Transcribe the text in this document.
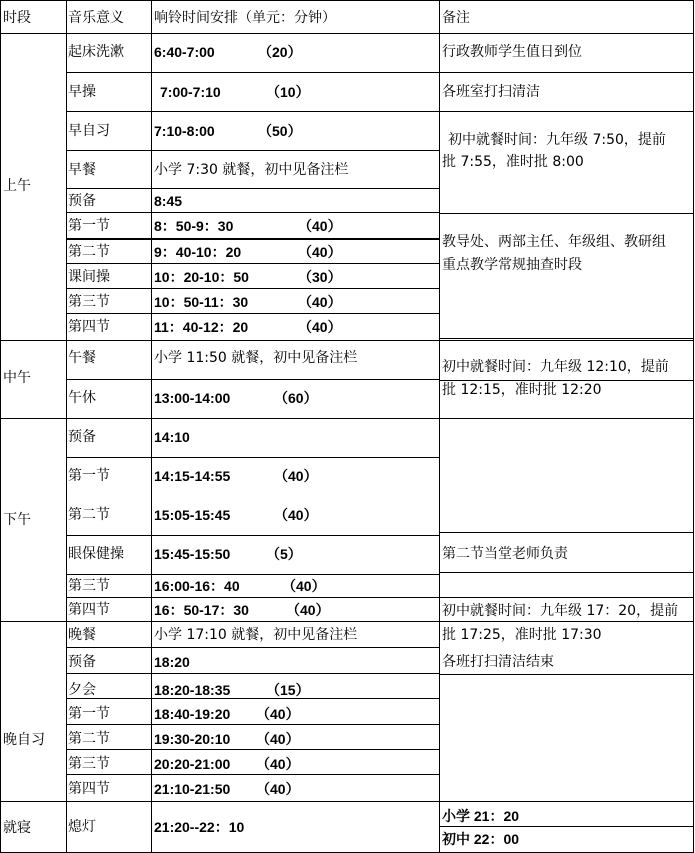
时段	音乐意义 响铃时间安排（单元：分钟）	备注
上午
中午
下午
晚自习
就寝
起床洗漱
早操
早自习
早餐
预备
第一节
第二节
课间操
第三节
第四节
午餐
午休
预备
第一节
第二节
眼保健操
第三节
第四节
晚餐
预备
夕会
第一节
第二节
第三节
第四节
熄灯
6:40-7:00
7:00-7:10
7:10-8:00
小学 7:30 就餐，初中见备注栏
8:45
8：50-9：30
9：40-10：20
10：20-10：50
10：50-11：30
11：40-12：20
小学 11:50 就餐，初中见备注栏
13:00-14:00
14:10
14:15-14:55
15:05-15:45
15:45-15:50
16:00-16：40
16：50-17：30
小学 17:10 就餐，初中见备注栏
18:20
18:20-18:35
18:40-19:20
19:30-20:10
20:20-21:00
21:10-21:50
21:20--22：10
（20）
（10）
（50）
（40）
（40）
（30）
（40）
（40）
（60）
（40）
（40）
（5）
（40）
（40）
（15）
（40）
（40）
（40）
（40）
行政教师学生值日到位
各班室打扫清洁
初中就餐时间：九年级 7:50，提前
批 7:55，准时批 8:00
教导处、两部主任、年级组、教研组
重点教学常规抽查时段
初中就餐时间：九年级 12:10，提前
批 12:15，准时批 12:20
第二节当堂老师负责
初中就餐时间：九年级 17：20，提前
批 17:25，准时批 17:30
各班打扫清洁结束
小学 21：20
初中 22：00
